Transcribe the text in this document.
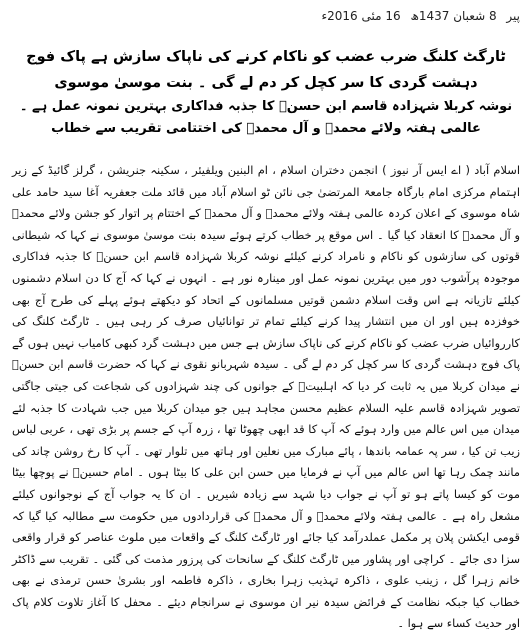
پیر 8 شعبان 1437ھ 16 مئی 2016ء
ٹارگٹ کلنگ ضرب عضب کو ناکام کرنے کی ناپاک سازش ہے پاک فوج دہشت گردی کا سر کچل کر دم لے گی ۔ بنت موسیٰ موسوی
نوشہ کربلا شہزادہ قاسم ابن حسنؑ کا جذبہ فداکاری بہترین نمونہ عمل ہے ۔ عالمی ہفتہ ولائے محمدؐ و آل محمدؑ کی اختتامی تقریب سے خطاب

اسلام آباد ( اے ایس آر نیوز ) انجمن دختران اسلام ، ام البنین ویلفیئر ، سکینہ جنریشن ، گرلز گائیڈ کے زیر اہتمام مرکزی امام بارگاہ جامعۃ المرتضیٰ جی نائن ٹو اسلام آباد میں قائد ملت جعفریہ آغا سید حامد علی شاہ موسوی کے اعلان کردہ عالمی ہفتہ ولائے محمدؐ و آل محمدؑ کے اختتام پر اتوار کو جشن ولائے محمدؐ و آل محمدؑ کا انعقاد کیا گیا ۔ اس موقع پر خطاب کرتے ہوئے سیدہ بنت موسیٰ موسوی نے کہا کہ شیطانی قوتوں کی سازشوں کو ناکام و نامراد کرنے کیلئے نوشہ کربلا شہزادہ قاسم ابن حسنؑ کا جذبہ فداکاری موجودہ پرآشوب دور میں بہترین نمونہ عمل اور مینارہ نور ہے ۔ انہوں نے کہا کہ آج کا دن اسلام دشمنوں کیلئے تازیانہ ہے اس وقت اسلام دشمن قوتیں مسلمانوں کے اتحاد کو دیکھتے ہوئے پہلے کی طرح آج بھی خوفزدہ ہیں اور ان میں انتشار پیدا کرنے کیلئے تمام تر توانائیاں صرف کر رہی ہیں ۔ ٹارگٹ کلنگ کی کارروائیاں ضرب عضب کو ناکام کرنے کی ناپاک سازش ہے جس میں دہشت گرد کبھی کامیاب نہیں ہوں گے پاک فوج دہشت گردی کا سر کچل کر دم لے گی ۔ سیدہ شہربانو نقوی نے کہا کہ حضرت قاسم ابن حسنؑ نے میدان کربلا میں یہ ثابت کر دیا کہ اہلبیتؑ کے جوانوں کی چند شہزادوں کی شجاعت کی جیتی جاگتی تصویر شہزادہ قاسم علیہ السلام عظیم محسن مجاہد ہیں جو میدان کربلا میں جب شہادت کا جذبہ لئے میدان میں اس عالم میں وارد ہوئے کہ آپ کا قد ابھی چھوٹا تھا ، زرہ آپ کے جسم پر بڑی تھی ، عربی لباس زیب تن کیا ، سر پہ عمامہ باندھا ، پائے مبارک میں نعلین اور ہاتھ میں تلوار تھی ۔ آپ کا رخ روشن چاند کی مانند چمک رہا تھا اس عالم میں آپ نے فرمایا میں حسن ابن علی کا بیٹا ہوں ۔ امام حسینؑ نے پوچھا بیٹا موت کو کیسا پاتے ہو تو آپ نے جواب دیا شہد سے زیادہ شیریں ۔ ان کا یہ جواب آج کے نوجوانوں کیلئے مشعل راہ ہے ۔ عالمی ہفتہ ولائے محمدؐ و آل محمدؑ کی قراردادوں میں حکومت سے مطالبہ کیا گیا کہ قومی ایکشن پلان پر مکمل عملدرآمد کیا جائے اور ٹارگٹ کلنگ کے واقعات میں ملوث عناصر کو قرار واقعی سزا دی جائے ۔ کراچی اور پشاور میں ٹارگٹ کلنگ کے سانحات کی پرزور مذمت کی گئی ۔ تقریب سے ڈاکٹر خانم زہرا گل ، زینب علوی ، ذاکرہ تہذیب زہرا بخاری ، ذاکرہ فاطمہ اور بشریٰ حسن ترمذی نے بھی خطاب کیا جبکہ نظامت کے فرائض سیدہ نیر ان موسوی نے سرانجام دیئے ۔ محفل کا آغاز تلاوت کلام پاک اور حدیث کساء سے ہوا ۔
